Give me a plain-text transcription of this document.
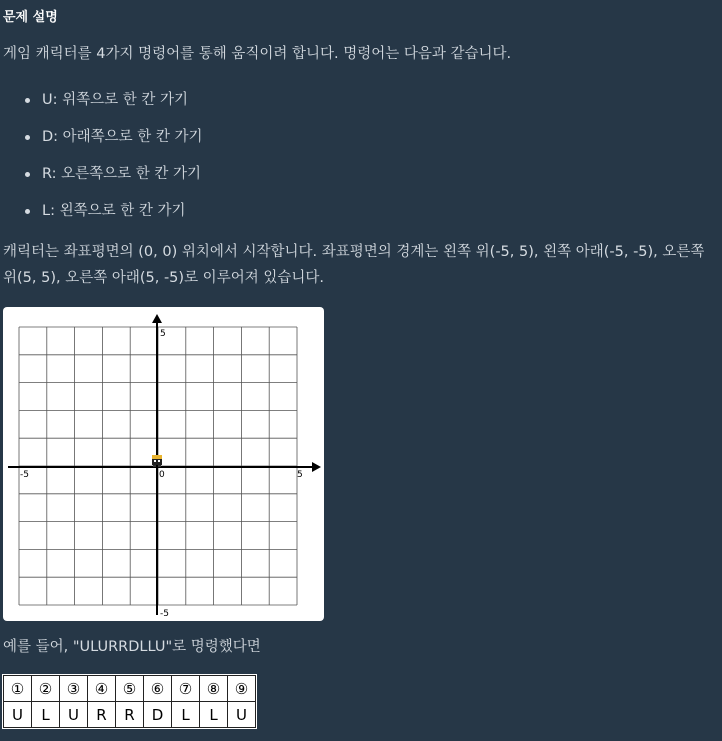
문제 설명

게임 캐릭터를 4가지 명령어를 통해 움직이려 합니다. 명령어는 다음과 같습니다.

U: 위쪽으로 한 칸 가기
D: 아래쪽으로 한 칸 가기
R: 오른쪽으로 한 칸 가기
L: 왼쪽으로 한 칸 가기

캐릭터는 좌표평면의 (0, 0) 위치에서 시작합니다. 좌표평면의 경계는 왼쪽 위(-5, 5), 왼쪽 아래(-5, -5), 오른쪽 위(5, 5), 오른쪽 아래(5, -5)로 이루어져 있습니다.

5
-5
-5	5
0

예를 들어, "ULURRDLLU"로 명령했다면

①	②	③	④	⑤	⑥	⑦	⑧	⑨
U	L	U	R	R	D	L	L	U
